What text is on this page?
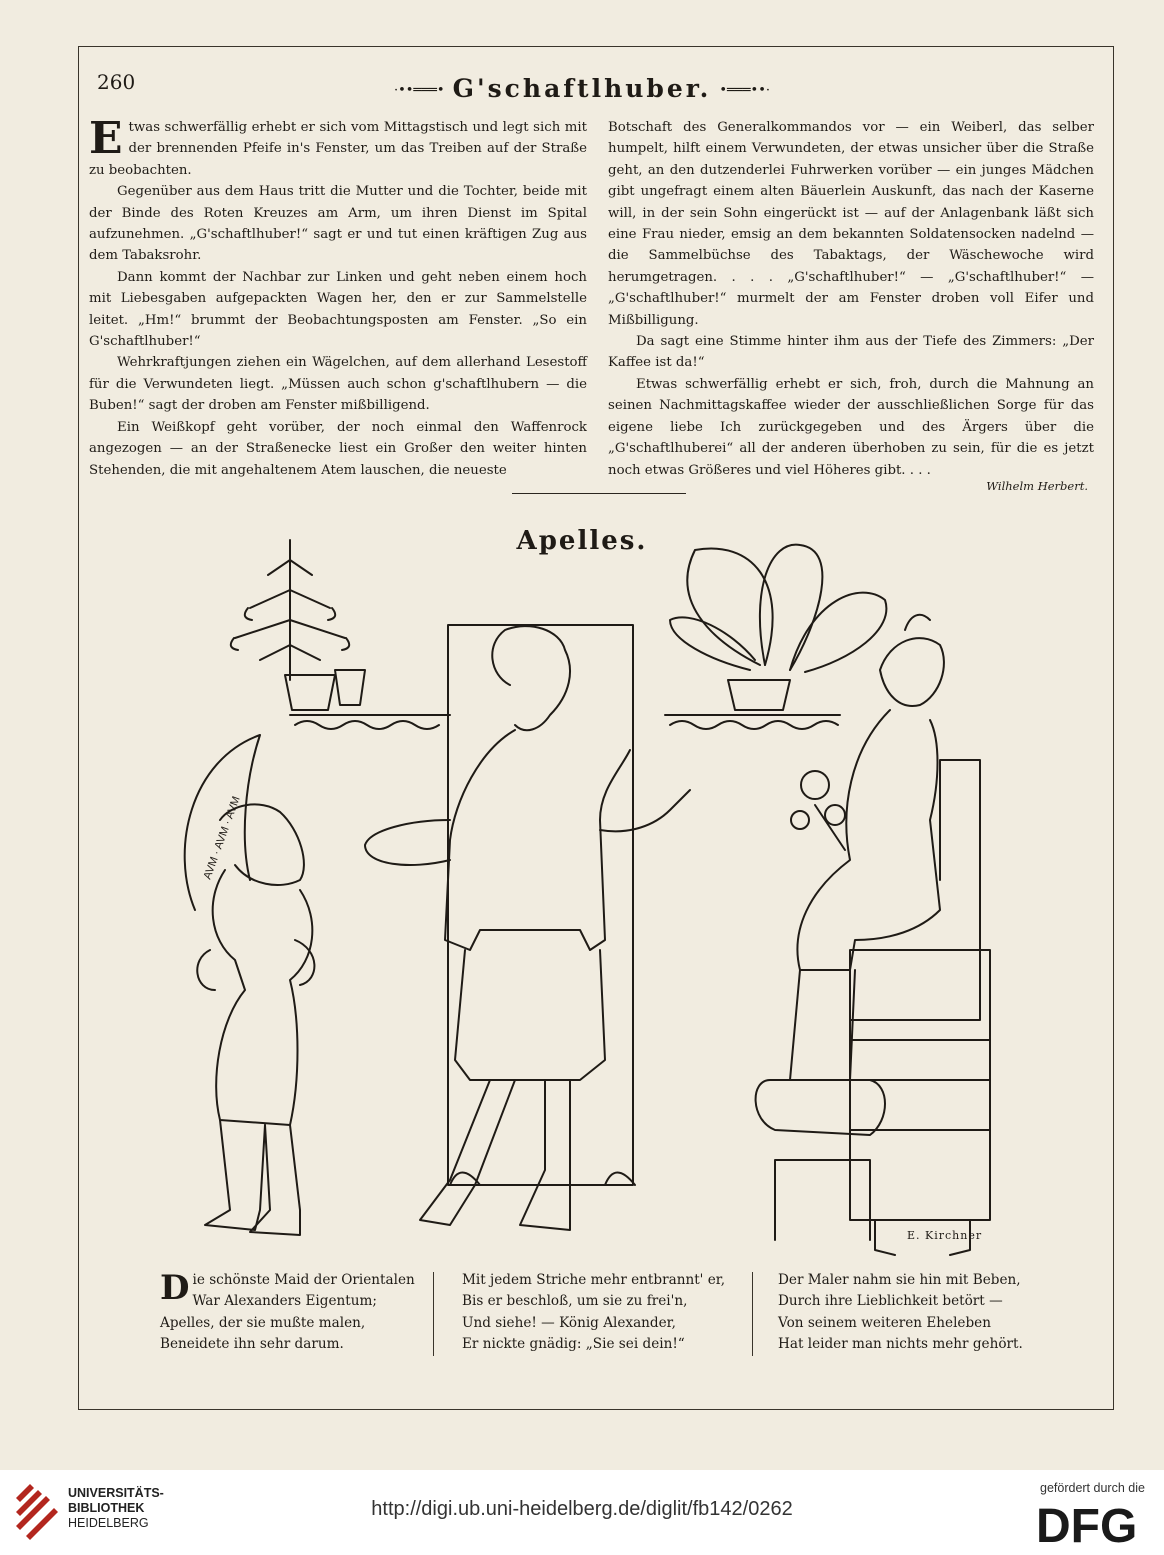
260	·••═══• G'schaftlhuber. •═══••·

Etwas schwerfällig erhebt er sich vom Mittagstisch und legt sich mit der brennenden Pfeife in's Fenster, um das Treiben auf der Straße zu beobachten.

Gegenüber aus dem Haus tritt die Mutter und die Tochter, beide mit der Binde des Roten Kreuzes am Arm, um ihren Dienst im Spital aufzunehmen. „G'schaftlhuber!“ sagt er und tut einen kräftigen Zug aus dem Tabaksrohr.

Dann kommt der Nachbar zur Linken und geht neben einem hoch mit Liebesgaben aufgepackten Wagen her, den er zur Sammelstelle leitet. „Hm!“ brummt der Beobachtungsposten am Fenster. „So ein G'schaftlhuber!“

Wehrkraftjungen ziehen ein Wägelchen, auf dem allerhand Lesestoff für die Verwundeten liegt. „Müssen auch schon g'schaftlhubern — die Buben!“ sagt der droben am Fenster mißbilligend.

Ein Weißkopf geht vorüber, der noch einmal den Waffenrock angezogen — an der Straßenecke liest ein Großer den weiter hinten Stehenden, die mit angehaltenem Atem lauschen, die neueste

Botschaft des Generalkommandos vor — ein Weiberl, das selber humpelt, hilft einem Verwundeten, der etwas unsicher über die Straße geht, an den dutzenderlei Fuhrwerken vorüber — ein junges Mädchen gibt ungefragt einem alten Bäuerlein Auskunft, das nach der Kaserne will, in der sein Sohn eingerückt ist — auf der Anlagenbank läßt sich eine Frau nieder, emsig an dem bekannten Soldatensocken nadelnd — die Sammelbüchse des Tabaktags, der Wäschewoche wird herumgetragen. . . . „G'schaftlhuber!“ — „G'schaftlhuber!“ — „G'schaftlhuber!“ murmelt der am Fenster droben voll Eifer und Mißbilligung.

Da sagt eine Stimme hinter ihm aus der Tiefe des Zimmers: „Der Kaffee ist da!“

Etwas schwerfällig erhebt er sich, froh, durch die Mahnung an seinen Nachmittagskaffee wieder der ausschließlichen Sorge für das eigene liebe Ich zurückgegeben und des Ärgers über die „G'schaftlhuberei“ all der anderen überhoben zu sein, für die es jetzt noch etwas Größeres und viel Höheres gibt. . . .

Wilhelm Herbert.
Apelles.
AVM · AVM · AVM
E. Kirchner
D ie schönste Maid der Orientalen
War Alexanders Eigentum;
Apelles, der sie mußte malen,
Beneidete ihn sehr darum.
Mit jedem Striche mehr entbrannt' er,
Bis er beschloß, um sie zu frei'n,
Und siehe! — König Alexander,
Er nickte gnädig: „Sie sei dein!“
Der Maler nahm sie hin mit Beben,
Durch ihre Lieblichkeit betört —
Von seinem weiteren Eheleben
Hat leider man nichts mehr gehört.
UNIVERSITÄTS-
BIBLIOTHEK
HEIDELBERG
http://digi.ub.uni-heidelberg.de/diglit/fb142/0262
gefördert durch die
DFG
